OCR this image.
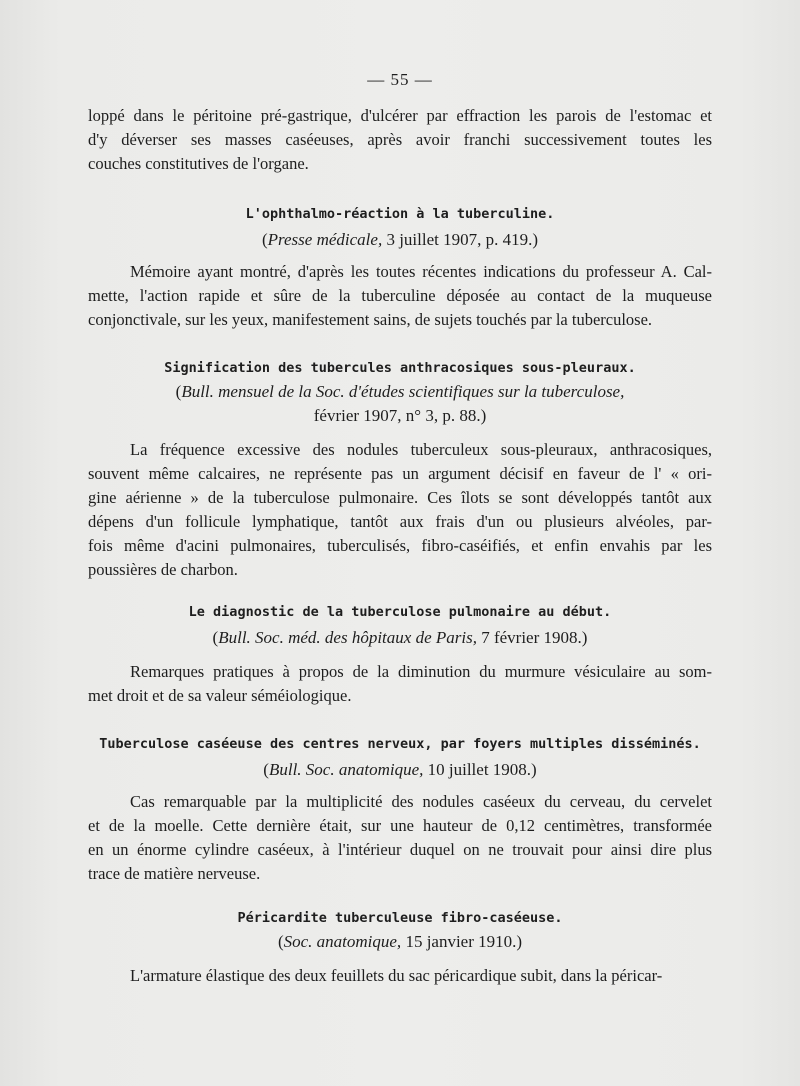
— 55 —
loppé dans le péritoine pré-gastrique, d'ulcérer par effraction les parois de l'estomac et
d'y déverser ses masses caséeuses, après avoir franchi successivement toutes les
couches constitutives de l'organe.
L'ophthalmo-réaction à la tuberculine.
(Presse médicale, 3 juillet 1907, p. 419.)
Mémoire ayant montré, d'après les toutes récentes indications du professeur A. Cal-
mette, l'action rapide et sûre de la tuberculine déposée au contact de la muqueuse
conjonctivale, sur les yeux, manifestement sains, de sujets touchés par la tuberculose.
Signification des tubercules anthracosiques sous-pleuraux.
(Bull. mensuel de la Soc. d'études scientifiques sur la tuberculose,
février 1907, n° 3, p. 88.)
La fréquence excessive des nodules tuberculeux sous-pleuraux, anthracosiques,
souvent même calcaires, ne représente pas un argument décisif en faveur de l' « ori-
gine aérienne » de la tuberculose pulmonaire. Ces îlots se sont développés tantôt aux
dépens d'un follicule lymphatique, tantôt aux frais d'un ou plusieurs alvéoles, par-
fois même d'acini pulmonaires, tuberculisés, fibro-caséifiés, et enfin envahis par les
poussières de charbon.
Le diagnostic de la tuberculose pulmonaire au début.
(Bull. Soc. méd. des hôpitaux de Paris, 7 février 1908.)
Remarques pratiques à propos de la diminution du murmure vésiculaire au som-
met droit et de sa valeur séméiologique.
Tuberculose caséeuse des centres nerveux, par foyers multiples disséminés.
(Bull. Soc. anatomique, 10 juillet 1908.)
Cas remarquable par la multiplicité des nodules caséeux du cerveau, du cervelet
et de la moelle. Cette dernière était, sur une hauteur de 0,12 centimètres, transformée
en un énorme cylindre caséeux, à l'intérieur duquel on ne trouvait pour ainsi dire plus
trace de matière nerveuse.
Péricardite tuberculeuse fibro-caséeuse.
(Soc. anatomique, 15 janvier 1910.)
L'armature élastique des deux feuillets du sac péricardique subit, dans la péricar-
